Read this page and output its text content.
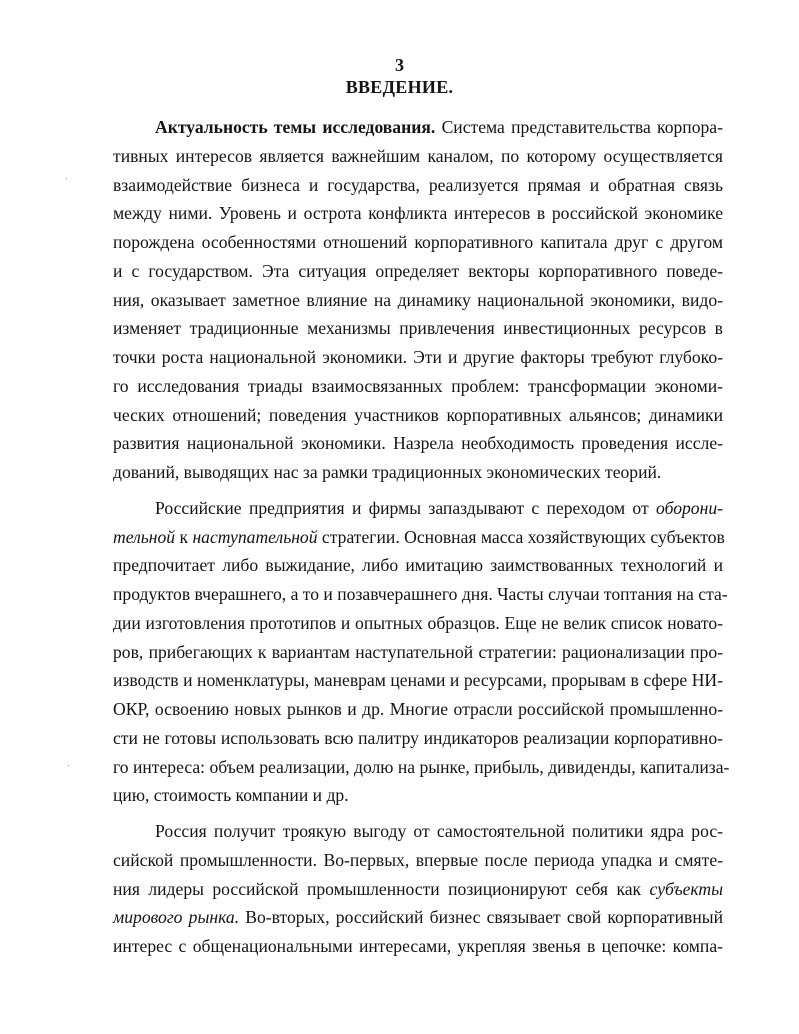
3
ВВЕДЕНИЕ.
Актуальность темы исследования. Система представительства корпора-
тивных интересов является важнейшим каналом, по которому осуществляется
взаимодействие бизнеса и государства, реализуется прямая и обратная связь
между ними. Уровень и острота конфликта интересов в российской экономике
порождена особенностями отношений корпоративного капитала друг с другом
и с государством. Эта ситуация определяет векторы корпоративного поведе-
ния, оказывает заметное влияние на динамику национальной экономики, видо-
изменяет традиционные механизмы привлечения инвестиционных ресурсов в
точки роста национальной экономики. Эти и другие факторы требуют глубоко-
го исследования триады взаимосвязанных проблем: трансформации экономи-
ческих отношений; поведения участников корпоративных альянсов; динамики
развития национальной экономики. Назрела необходимость проведения иссле-
дований, выводящих нас за рамки традиционных экономических теорий.
Российские предприятия и фирмы запаздывают с переходом от оборони-
тельной к наступательной стратегии. Основная масса хозяйствующих субъектов
предпочитает либо выжидание, либо имитацию заимствованных технологий и
продуктов вчерашнего, а то и позавчерашнего дня. Часты случаи топтания на ста-
дии изготовления прототипов и опытных образцов. Еще не велик список новато-
ров, прибегающих к вариантам наступательной стратегии: рационализации про-
изводств и номенклатуры, маневрам ценами и ресурсами, прорывам в сфере НИ-
ОКР, освоению новых рынков и др. Многие отрасли российской промышленно-
сти не готовы использовать всю палитру индикаторов реализации корпоративно-
го интереса: объем реализации, долю на рынке, прибыль, дивиденды, капитализа-
цию, стоимость компании и др.
Россия получит троякую выгоду от самостоятельной политики ядра рос-
сийской промышленности. Во-первых, впервые после периода упадка и смяте-
ния лидеры российской промышленности позиционируют себя как субъекты
мирового рынка. Во-вторых, российский бизнес связывает свой корпоративный
интерес с общенациональными интересами, укрепляя звенья в цепочке: компа-
